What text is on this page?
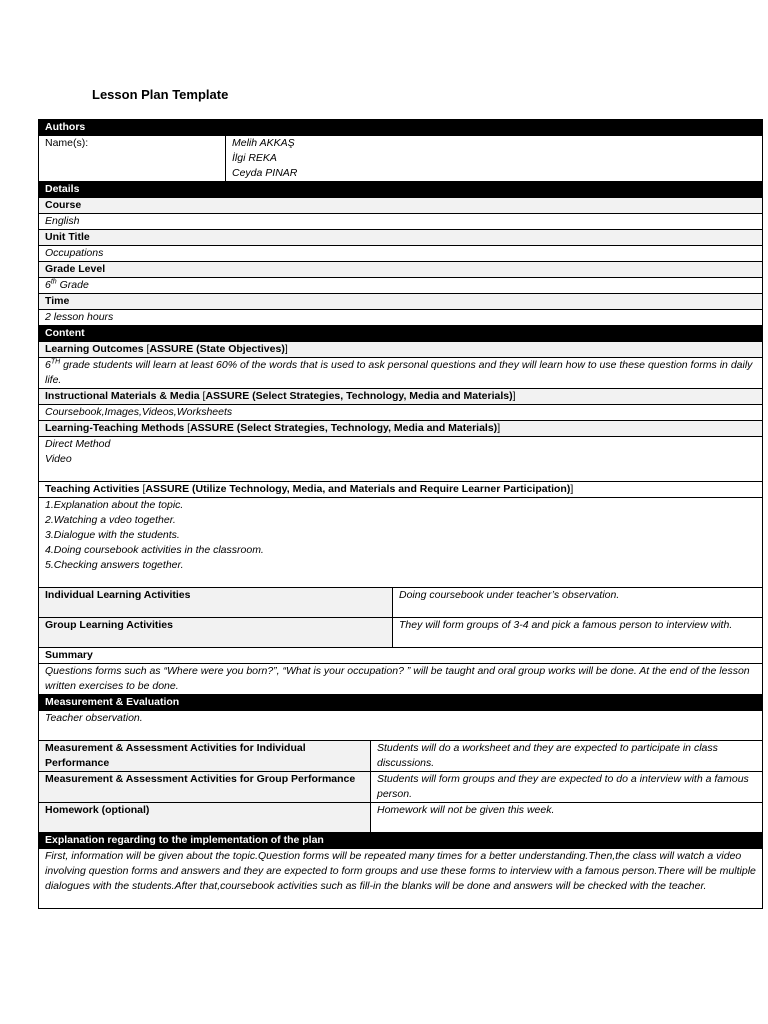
Lesson Plan Template
Authors			
Name(s):	Melih AKKAŞ
İlgi REKA
Ceyda PINAR		

Details			
Course			
English			
Unit Title			
Occupations			
Grade Level			
6th Grade			
Time			
2 lesson hours			
Content			
Learning Outcomes [ASSURE (State Objectives)]			
6TH grade students will learn at least 60% of the words that is used to ask personal questions and they will learn how to use these question forms in daily life.			
Instructional Materials & Media [ASSURE (Select Strategies, Technology, Media and Materials)]			
Coursebook,Images,Videos,Worksheets			
Learning-Teaching Methods [ASSURE (Select Strategies, Technology, Media and Materials)]			

Direct Method
Video			

Teaching Activities [ASSURE (Utilize Technology, Media, and Materials and Require Learner Participation)]			

1.Explanation about the topic.
2.Watching a vdeo together.
3.Dialogue with the students.
4.Doing coursebook activities in the classroom.
5.Checking answers together.			

Individual Learning Activities			Doing coursebook under teacher’s observation.
Group Learning Activities			They will form groups of 3-4 and pick a famous person to interview with.
Summary			
Questions forms such as “Where were you born?”, “What is your occupation? ” will be taught and oral group works will be done. At the end of the lesson written exercises to be done.			
Measurement & Evaluation			
Teacher observation.			
Measurement & Assessment Activities for Individual Performance		Students will do a worksheet and they are expected to participate in class discussions.	
Measurement & Assessment Activities for Group Performance		Students will form groups and they are expected to do a interview with a famous person.	
Homework (optional)		Homework will not be given this week.	
Explanation regarding to the implementation of the plan			
First, information will be given about the topic.Question forms will be repeated many times for a better understanding.Then,the class will watch a video involving question forms and answers and they are expected to form groups and use these forms to interview with a famous person.There will be multiple dialogues with the students.After that,coursebook activities such as fill-in the blanks will be done and answers will be checked with the teacher.			
